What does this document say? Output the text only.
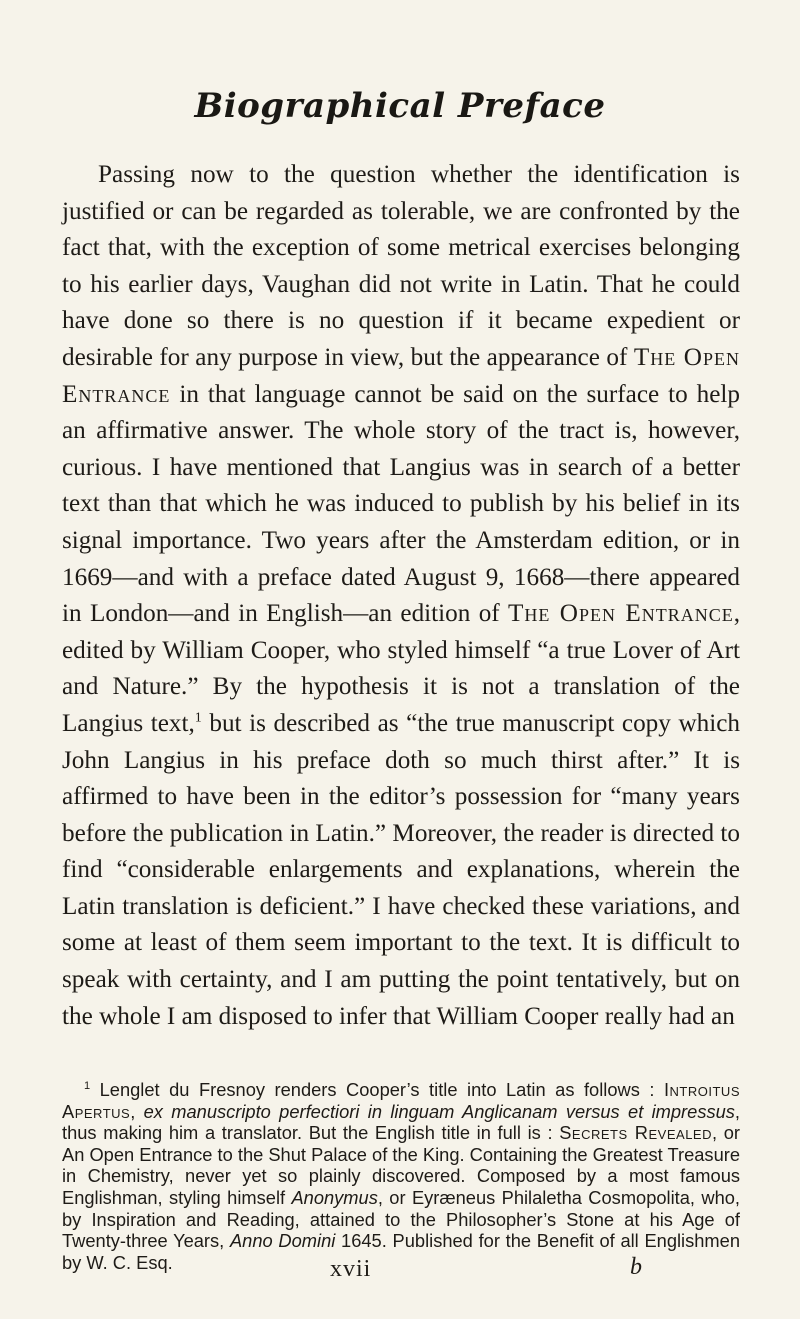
Biographical Preface

Passing now to the question whether the identification is justified or can be regarded as tolerable, we are confronted by the fact that, with the exception of some metrical exercises belonging to his earlier days, Vaughan did not write in Latin. That he could have done so there is no question if it became expedient or desirable for any purpose in view, but the appearance of The Open Entrance in that language cannot be said on the surface to help an affirmative answer. The whole story of the tract is, however, curious. I have mentioned that Langius was in search of a better text than that which he was induced to publish by his belief in its signal importance. Two years after the Amsterdam edition, or in 1669—and with a preface dated August 9, 1668—there appeared in London—and in English—an edition of The Open Entrance, edited by William Cooper, who styled himself “a true Lover of Art and Nature.” By the hypothesis it is not a translation of the Langius text,$^1$ but is described as “the true manuscript copy which John Langius in his preface doth so much thirst after.” It is affirmed to have been in the editor’s possession for “many years before the publication in Latin.” Moreover, the reader is directed to find “considerable enlargements and explanations, wherein the Latin translation is deficient.” I have checked these variations, and some at least of them seem important to the text. It is difficult to speak with certainty, and I am putting the point tentatively, but on the whole I am disposed to infer that William Cooper really had an

$^1$ Lenglet du Fresnoy renders Cooper’s title into Latin as follows : Introitus Apertus, ex manuscripto perfectiori in linguam Anglicanam versus et impressus, thus making him a translator. But the English title in full is : Secrets Revealed, or An Open Entrance to the Shut Palace of the King. Containing the Greatest Treasure in Chemistry, never yet so plainly discovered. Composed by a most famous Englishman, styling himself Anonymus, or Eyræneus Philaletha Cosmopolita, who, by Inspiration and Reading, attained to the Philosopher’s Stone at his Age of Twenty-three Years, Anno Domini 1645. Published for the Benefit of all Englishmen by W. C. Esq.	xvii	b
